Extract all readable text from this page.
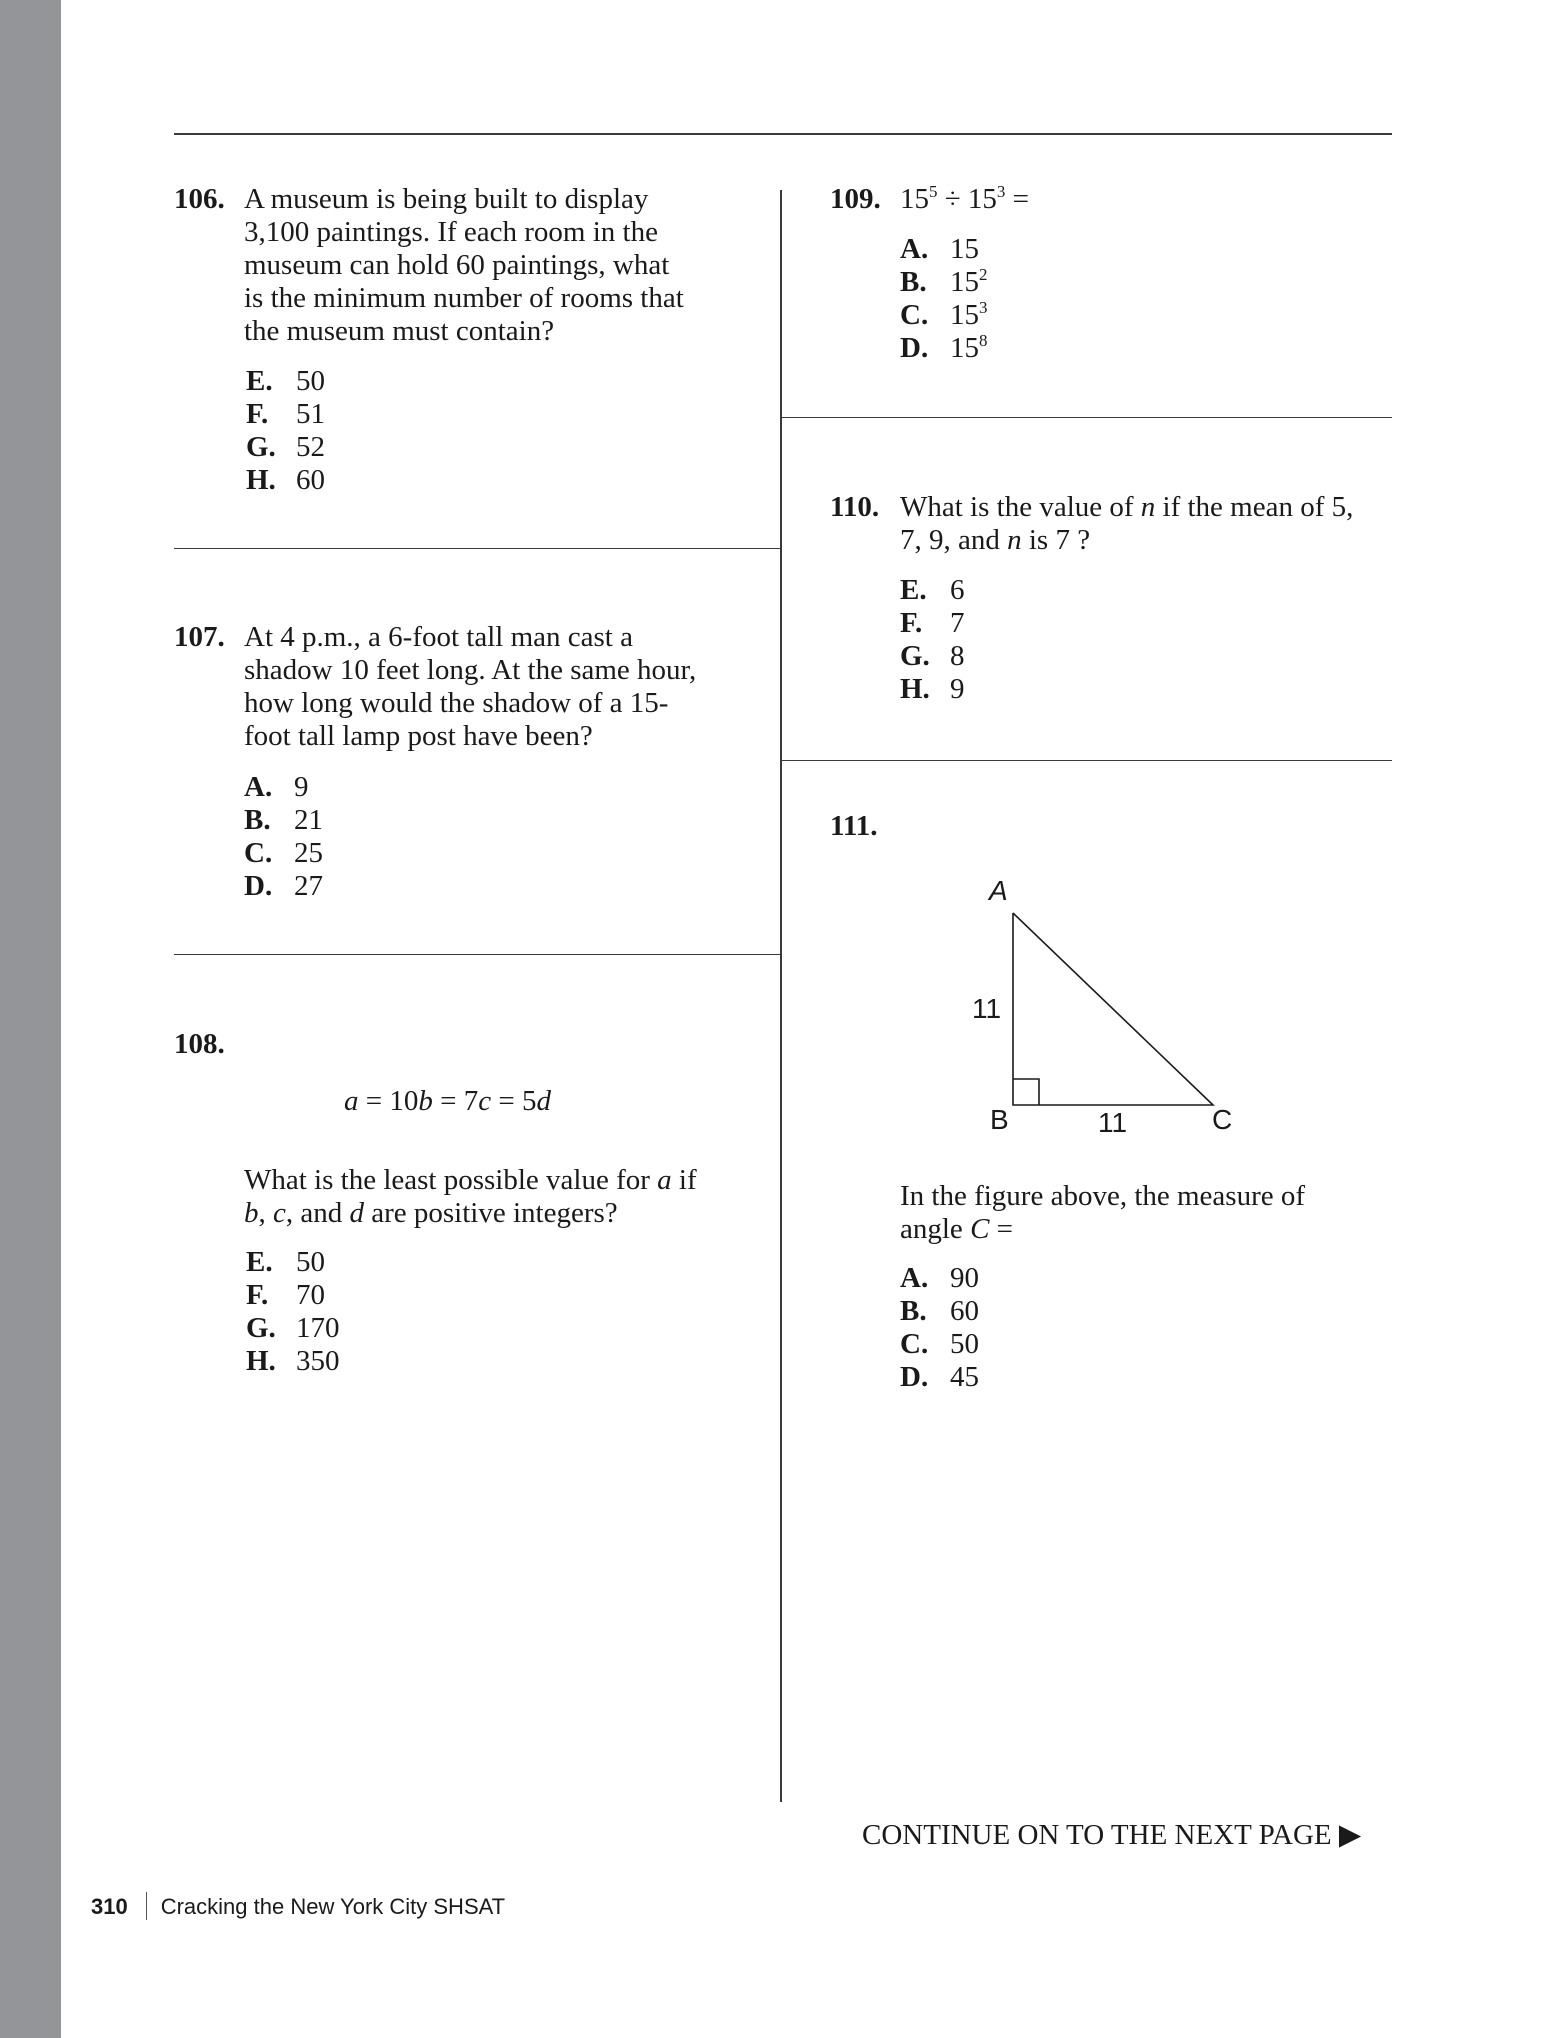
106. A museum is being built to display
3,100 paintings. If each room in the
museum can hold 60 paintings, what
is the minimum number of rooms that
the museum must contain?
E. 50
F. 51
G. 52
H. 60
107. At 4 p.m., a 6-foot tall man cast a
shadow 10 feet long. At the same hour,
how long would the shadow of a 15-
foot tall lamp post have been?
A. 9
B. 21
C. 25
D. 27
108.
a = 10b = 7c = 5d
What is the least possible value for a if
b, c, and d are positive integers?
E. 50
F. 70
G. 170
H. 350
109. $15^5 \div 15^3$ =
A. 15
B. $15^2$
C. $15^3$
D. $15^8$
110. What is the value of n if the mean of 5,
7, 9, and n is 7 ?
E. 6
F. 7
G. 8
H. 9
111.
A
11
B	11	C
In the figure above, the measure of
angle C =
A. 90
B. 60
C. 50
D. 45
CONTINUE ON TO THE NEXT PAGE ▶
310 Cracking the New York City SHSAT
